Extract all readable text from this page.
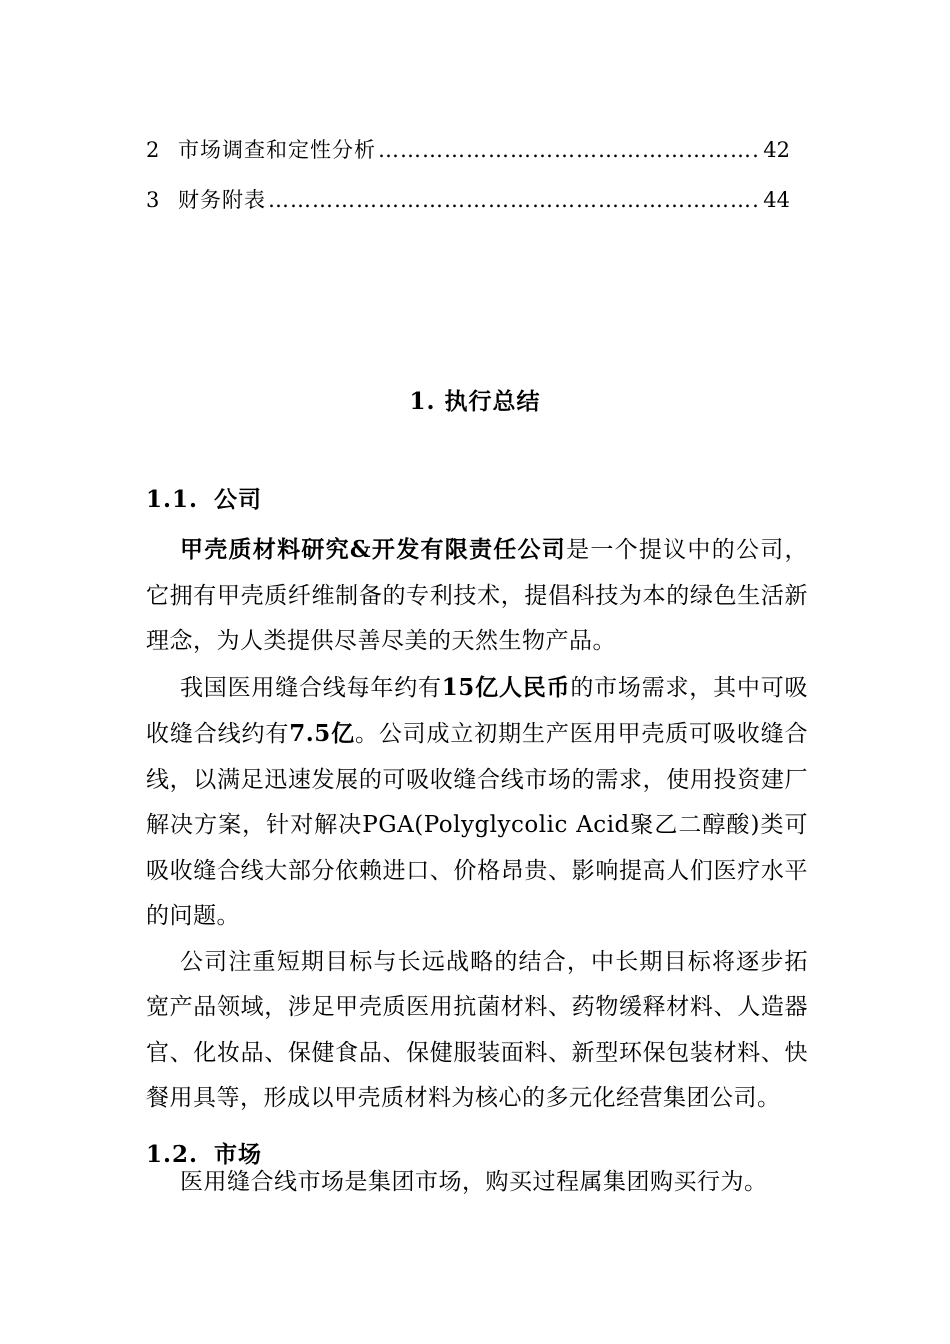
2 市场调查和定性分析 ……………………………………………………………………………………………………………	42
3 财务附表 ……………………………………………………………………………………………………………	44
1. 执行总结
1.1. 公司

甲壳质材料研究&开发有限责任公司是一个提议中的公司，它拥有甲壳质纤维制备的专利技术，提倡科技为本的绿色生活新理念，为人类提供尽善尽美的天然生物产品。

我国医用缝合线每年约有15亿人民币的市场需求，其中可吸收缝合线约有7.5亿。公司成立初期生产医用甲壳质可吸收缝合线，以满足迅速发展的可吸收缝合线市场的需求，使用投资建厂解决方案，针对解决PGA(Polyglycolic Acid聚乙二醇酸)类可吸收缝合线大部分依赖进口、价格昂贵、影响提高人们医疗水平的问题。

公司注重短期目标与长远战略的结合，中长期目标将逐步拓宽产品领域，涉足甲壳质医用抗菌材料、药物缓释材料、人造器官、化妆品、保健食品、保健服装面料、新型环保包装材料、快餐用具等，形成以甲壳质材料为核心的多元化经营集团公司。

1.2. 市场

医用缝合线市场是集团市场，购买过程属集团购买行为。
